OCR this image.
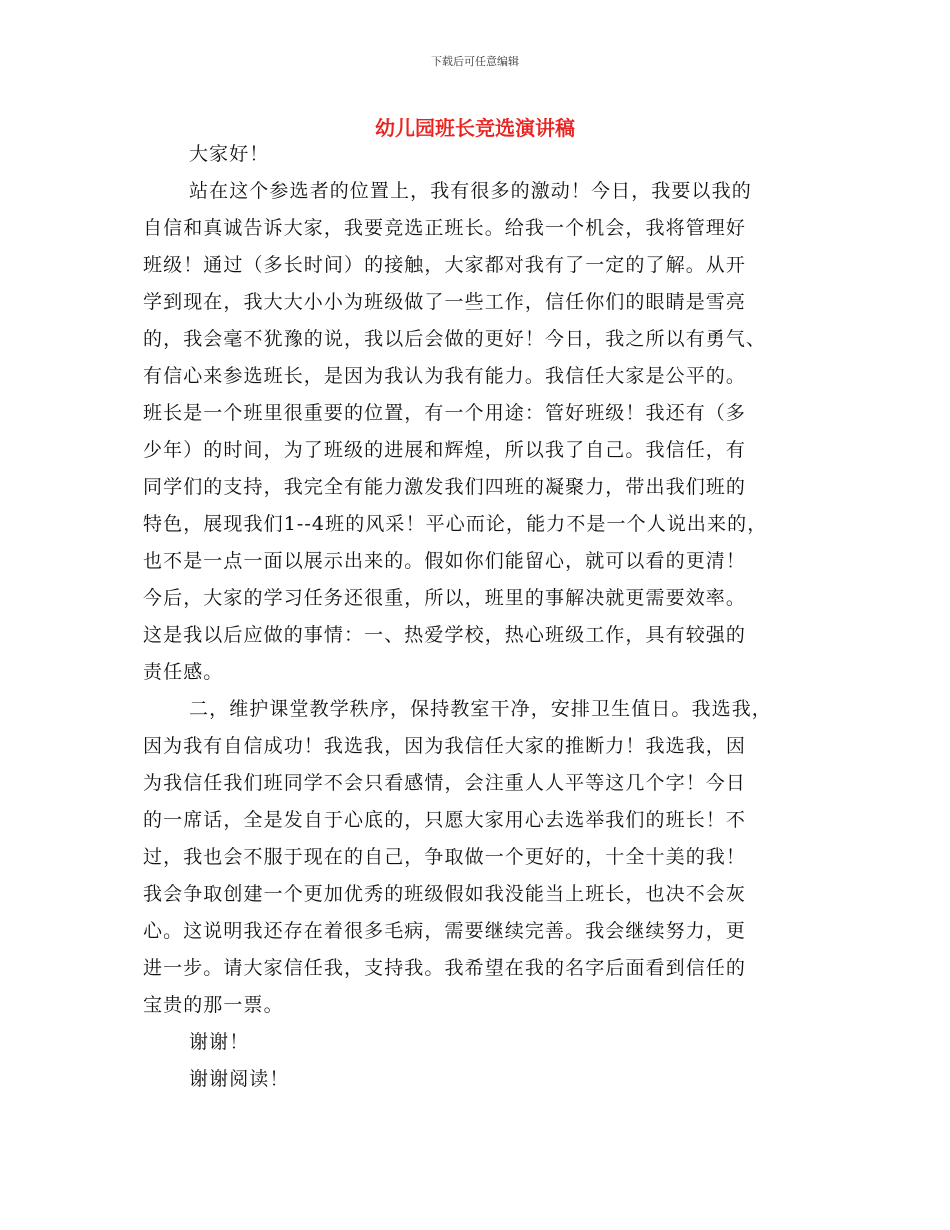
下载后可任意编辑
幼儿园班长竞选演讲稿
大家好！
站在这个参选者的位置上，我有很多的激动！今日，我要以我的
自信和真诚告诉大家，我要竞选正班长。给我一个机会，我将管理好
班级！通过（多长时间）的接触，大家都对我有了一定的了解。从开
学到现在，我大大小小为班级做了一些工作，信任你们的眼睛是雪亮
的，我会毫不犹豫的说，我以后会做的更好！今日，我之所以有勇气、
有信心来参选班长，是因为我认为我有能力。我信任大家是公平的。
班长是一个班里很重要的位置，有一个用途：管好班级！我还有（多
少年）的时间，为了班级的进展和辉煌，所以我了自己。我信任，有
同学们的支持，我完全有能力激发我们四班的凝聚力，带出我们班的
特色，展现我们1--4班的风采！平心而论，能力不是一个人说出来的，
也不是一点一面以展示出来的。假如你们能留心，就可以看的更清！
今后，大家的学习任务还很重，所以，班里的事解决就更需要效率。
这是我以后应做的事情：一、热爱学校，热心班级工作，具有较强的
责任感。
二，维护课堂教学秩序，保持教室干净，安排卫生值日。我选我，
因为我有自信成功！我选我，因为我信任大家的推断力！我选我，因
为我信任我们班同学不会只看感情，会注重人人平等这几个字！今日
的一席话，全是发自于心底的，只愿大家用心去选举我们的班长！不
过，我也会不服于现在的自己，争取做一个更好的，十全十美的我！
我会争取创建一个更加优秀的班级假如我没能当上班长，也决不会灰
心。这说明我还存在着很多毛病，需要继续完善。我会继续努力，更
进一步。请大家信任我，支持我。我希望在我的名字后面看到信任的
宝贵的那一票。
谢谢！
谢谢阅读！
